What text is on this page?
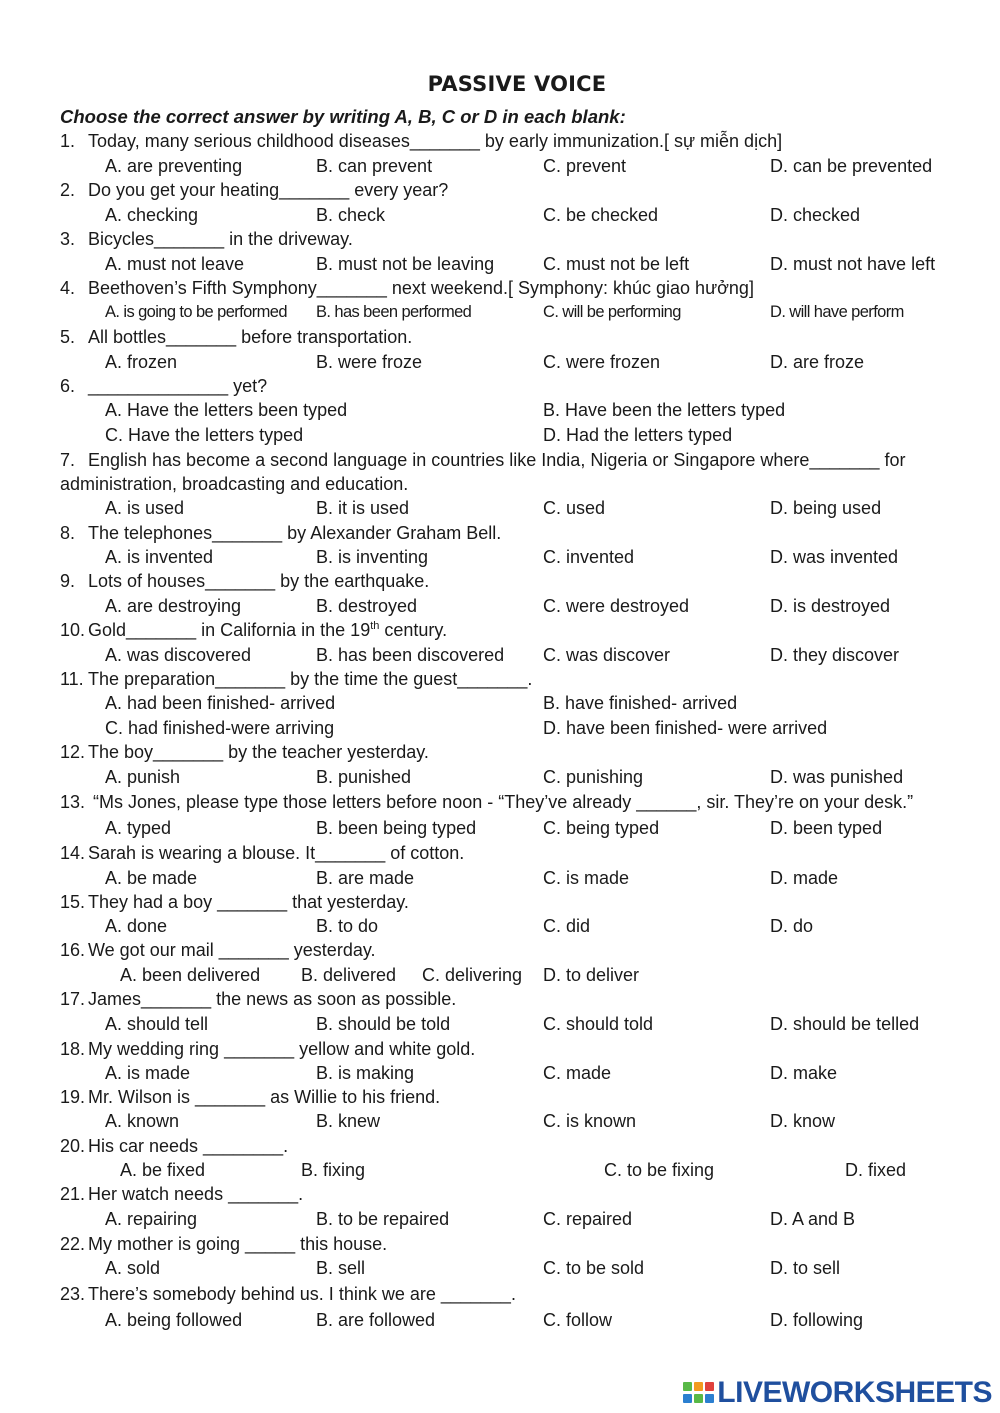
PASSIVE VOICE
Choose the correct answer by writing A, B, C or D in each blank:
1. Today, many serious childhood diseases_______ by early immunization.[ sự miễn dịch]
A. are preventing	B. can prevent	C. prevent	D. can be prevented
2. Do you get your heating_______ every year?
A. checking	B. check	C. be checked	D. checked
3. Bicycles_______ in the driveway.
A. must not leave	B. must not be leaving	C. must not be left	D. must not have left
4. Beethoven’s Fifth Symphony_______ next weekend.[ Symphony: khúc giao hưởng]
A. is going to be performed B. has been performed	C. will be performing	D. will have perform
5. All bottles_______ before transportation.
A. frozen	B. were froze	C. were frozen	D. are froze
6. ______________ yet?
A. Have the letters been typed	B. Have been the letters typed
C. Have the letters typed	D. Had the letters typed
7. English has become a second language in countries like India, Nigeria or Singapore where_______ for
administration, broadcasting and education.
A. is used	B. it is used	C. used	D. being used
8. The telephones_______ by Alexander Graham Bell.
A. is invented	B. is inventing	C. invented	D. was invented
9. Lots of houses_______ by the earthquake.
A. are destroying	B. destroyed	C. were destroyed	D. is destroyed
10. Gold_______ in California in the 19th century.
A. was discovered	B. has been discovered C. was discover	D. they discover
11. The preparation_______ by the time the guest_______.
A. had been finished- arrived	B. have finished- arrived
C. had finished-were arriving	D. have been finished- were arrived
12. The boy_______ by the teacher yesterday.
A. punish	B. punished	C. punishing	D. was punished
13. “Ms Jones, please type those letters before noon - “They’ve already ______, sir. They’re on your desk.”
A. typed	B. been being typed	C. being typed	D. been typed
14. Sarah is wearing a blouse. It_______ of cotton.
A. be made	B. are made	C. is made	D. made
15. They had a boy _______ that yesterday.
A. done	B. to do	C. did	D. do
16. We got our mail _______ yesterday.
A. been delivered B. delivered C. delivering D. to deliver
17. James_______ the news as soon as possible.
A. should tell	B. should be told	C. should told	D. should be telled
18. My wedding ring _______ yellow and white gold.
A. is made	B. is making	C. made	D. make
19. Mr. Wilson is _______ as Willie to his friend.
A. known	B. knew	C. is known	D. know
20. His car needs ________.
A. be fixed	B. fixing	C. to be fixing	D. fixed
21. Her watch needs _______.
A. repairing	B. to be repaired	C. repaired	D. A and B
22. My mother is going _____ this house.
A. sold	B. sell	C. to be sold	D. to sell
23. There’s somebody behind us. I think we are _______.
A. being followed	B. are followed	C. follow	D. following
LIVEWORKSHEETS
